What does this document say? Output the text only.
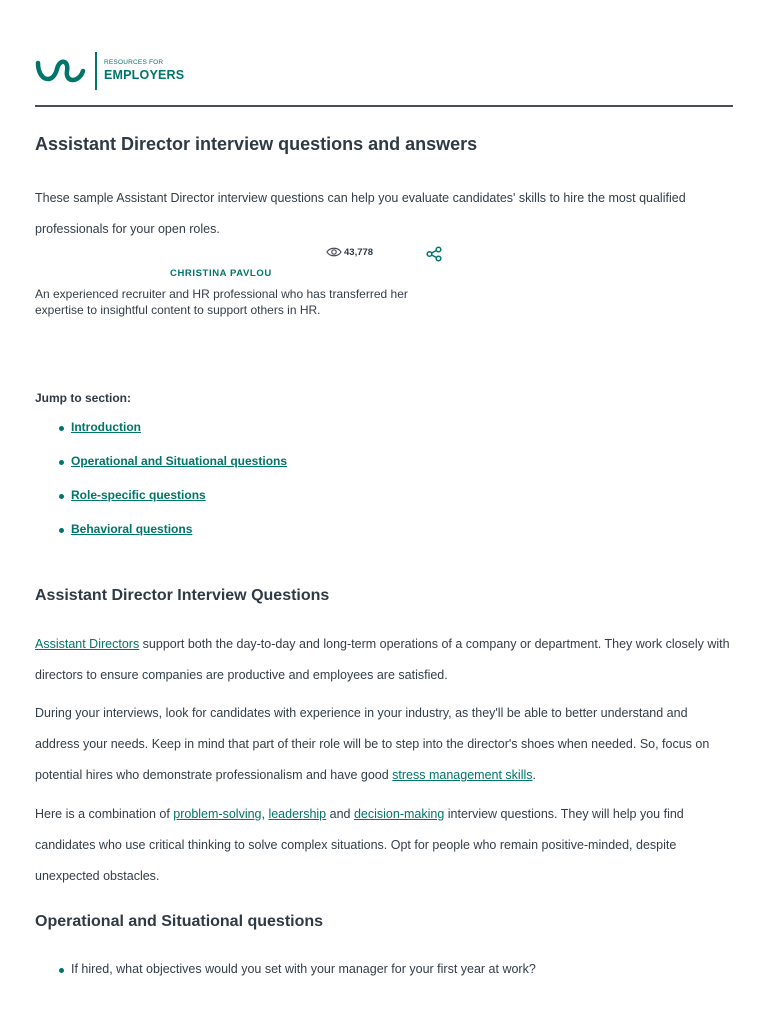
RESOURCES FOR
EMPLOYERS
Assistant Director interview questions and answers

These sample Assistant Director interview questions can help you evaluate candidates' skills to hire the most qualified professionals for your open roles.

43,778
CHRISTINA PAVLOU

An experienced recruiter and HR professional who has transferred her expertise to insightful content to support others in HR.

Jump to section:
Introduction
Operational and Situational questions
Role-specific questions
Behavioral questions
Assistant Director Interview Questions

Assistant Directors support both the day-to-day and long-term operations of a company or department. They work closely with directors to ensure companies are productive and employees are satisfied.

During your interviews, look for candidates with experience in your industry, as they'll be able to better understand and address your needs. Keep in mind that part of their role will be to step into the director's shoes when needed. So, focus on potential hires who demonstrate professionalism and have good stress management skills.

Here is a combination of problem-solving, leadership and decision-making interview questions. They will help you find candidates who use critical thinking to solve complex situations. Opt for people who remain positive-minded, despite unexpected obstacles.

Operational and Situational questions
If hired, what objectives would you set with your manager for your first year at work?
